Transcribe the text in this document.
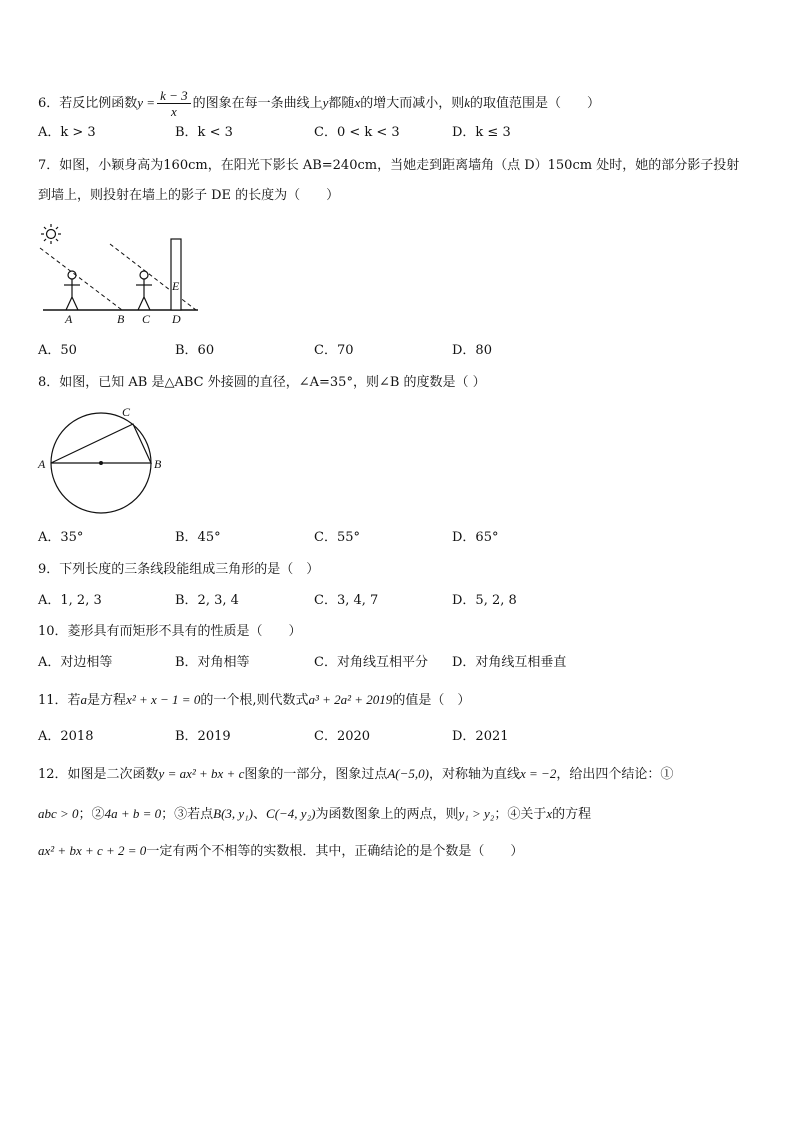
6．若反比例函数$y = \frac{k - 3}{x}$ 的图象在每一条曲线上y都随x的增大而减小，则k的取值范围是（　　）
A．k > 3	B．k < 3	C．0 < k < 3	D．k ≤ 3
7．如图，小颖身高为160cm，在阳光下影长 AB=240cm，当她走到距离墙角（点 D）150cm 处时，她的部分影子投射
到墙上，则投射在墙上的影子 DE 的长度为（　　）
A	B C D
E
A．50	B．60	C．70	D．80
8．如图，已知 AB 是△ABC 外接圆的直径，∠A=35°，则∠B 的度数是（ ）
A	B
C
A．35°	B．45°	C．55°	D．65°
9．下列长度的三条线段能组成三角形的是（　）
A．1, 2, 3	B．2, 3, 4	C．3, 4, 7	D．5, 2, 8
10．菱形具有而矩形不具有的性质是（　　）
A．对边相等	B．对角相等	C．对角线互相平分 D．对角线互相垂直
11．若a是方程x² + x − 1 = 0的一个根,则代数式a³ + 2a² + 2019的值是（　）
A．2018	B．2019	C．2020	D．2021
12．如图是二次函数y = ax² + bx + c图象的一部分，图象过点A(−5,0)，对称轴为直线x = −2，给出四个结论：①
abc > 0；②4a + b = 0；③若点B(3, y₁)、C(−4, y₂)为函数图象上的两点，则y₁ > y₂；④关于x的方程
ax² + bx + c + 2 = 0一定有两个不相等的实数根．其中，正确结论的是个数是（　　）
